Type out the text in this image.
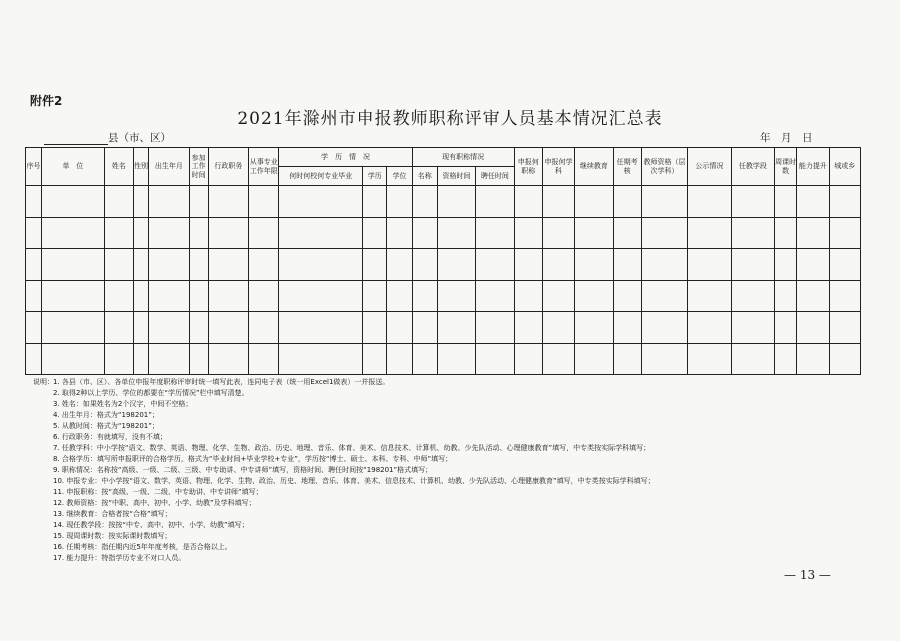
附件2
2021年滁州市申报教师职称评审人员基本情况汇总表
县（市、区）	年　月　日
序号	单　位	姓名	性别	出生年月	参加工作时间	行政职务	从事专业工作年限	学　历　情　况			现有职称情况			申报何职称	申报何学科	继续教育	任期考核	教师资格（层次学科）	公示情况	任教学段	周课时数	能力提升	城或乡
								何时何校何专业毕业	学历	学位	名称	资格时间	聘任时间										

说明： 1. 各县（市、区）、各单位申报年度职称评审时统一填写此表，连同电子表（统一用Excel1做表）一并报送。
2. 取得2种以上学历、学位的都要在“学历情况”栏中填写清楚。
3. 姓名：如果姓名为2个汉字，中间不空格；
4. 出生年月：格式为“198201”；
5. 从教时间：格式为“198201”；
6. 行政职务：有就填写，没有不填；
7. 任教学科：中小学按“语文、数学、英语、物理、化学、生物、政治、历史、地理、音乐、体育、美术、信息技术、计算机、幼教、少先队活动、心理健康教育”填写，中专类按实际学科填写；
8. 合格学历：填写所申报职评的合格学历，格式为“毕业时间+毕业学校+专业”，学历按“博士、硕士、本科、专科、中师”填写；
9. 职称情况：名称按“高级、一级、二级、三级、中专助讲、中专讲师”填写，资格时间、聘任时间按“198201”格式填写；
10. 申报专业：中小学按“语文、数学、英语、物理、化学、生物、政治、历史、地理、音乐、体育、美术、信息技术、计算机、幼教、少先队活动、心理健康教育”填写，中专类按实际学科填写；
11. 申报职称：按“高级、一级、二级、中专助讲、中专讲师”填写；
12. 教师资格：按“中职、高中、初中、小学、幼教”及学科填写；
13. 继续教育：合格者按“合格”填写；
14. 现任教学段：按按“中专、高中、初中、小学、幼教”填写；
15. 现周课时数：按实际课时数填写；
16. 任期考核：指任期内近5年年度考核，是否合格以上。
17. 能力提升：特指学历专业不对口人员。
— 13 —
